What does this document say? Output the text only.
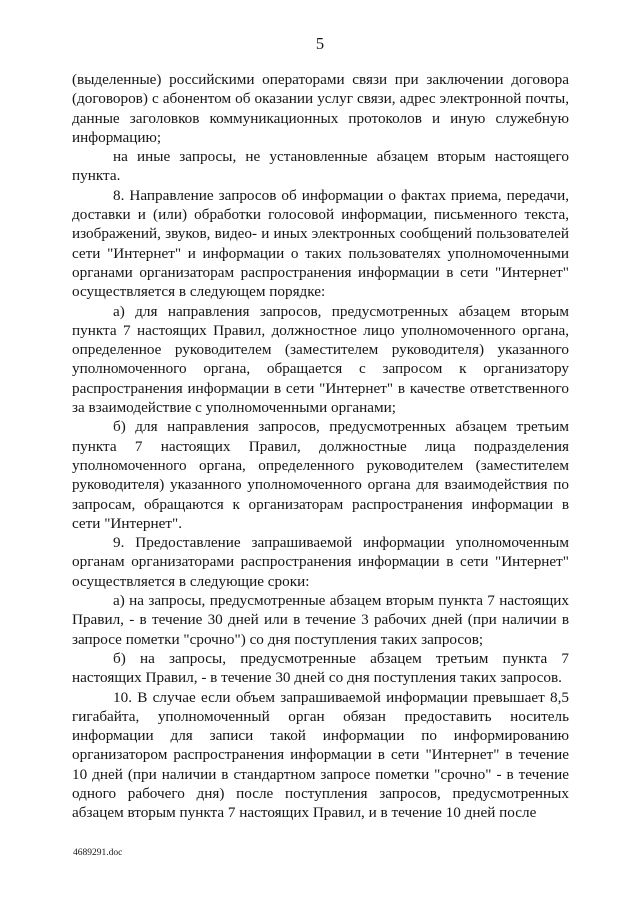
5

(выделенные) российскими операторами связи при заключении договора (договоров) с абонентом об оказании услуг связи, адрес электронной почты, данные заголовков коммуникационных протоколов и иную служебную информацию;

на иные запросы, не установленные абзацем вторым настоящего пункта.

8. Направление запросов об информации о фактах приема, передачи, доставки и (или) обработки голосовой информации, письменного текста, изображений, звуков, видео- и иных электронных сообщений пользователей сети "Интернет" и информации о таких пользователях уполномоченными органами организаторам распространения информации в сети "Интернет" осуществляется в следующем порядке:

а) для направления запросов, предусмотренных абзацем вторым пункта 7 настоящих Правил, должностное лицо уполномоченного органа, определенное руководителем (заместителем руководителя) указанного уполномоченного органа, обращается с запросом к организатору распространения информации в сети "Интернет" в качестве ответственного за взаимодействие с уполномоченными органами;

б) для направления запросов, предусмотренных абзацем третьим пункта 7 настоящих Правил, должностные лица подразделения уполномоченного органа, определенного руководителем (заместителем руководителя) указанного уполномоченного органа для взаимодействия по запросам, обращаются к организаторам распространения информации в сети "Интернет".

9. Предоставление запрашиваемой информации уполномоченным органам организаторами распространения информации в сети "Интернет" осуществляется в следующие сроки:

а) на запросы, предусмотренные абзацем вторым пункта 7 настоящих Правил, - в течение 30 дней или в течение 3 рабочих дней (при наличии в запросе пометки "срочно") со дня поступления таких запросов;

б) на запросы, предусмотренные абзацем третьим пункта 7 настоящих Правил, - в течение 30 дней со дня поступления таких запросов.

10. В случае если объем запрашиваемой информации превышает 8,5 гигабайта, уполномоченный орган обязан предоставить носитель информации для записи такой информации по информированию организатором распространения информации в сети "Интернет" в течение 10 дней (при наличии в стандартном запросе пометки "срочно" - в течение одного рабочего дня) после поступления запросов, предусмотренных абзацем вторым пункта 7 настоящих Правил, и в течение 10 дней после

4689291.doc
